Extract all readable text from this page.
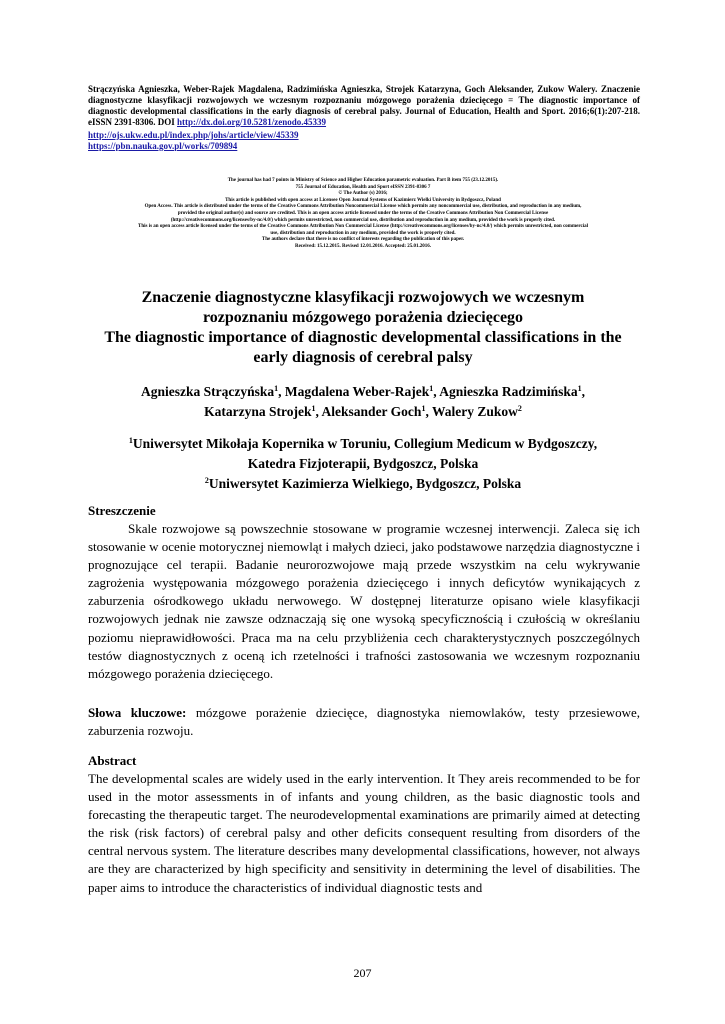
Strączyńska Agnieszka, Weber-Rajek Magdalena, Radzimińska Agnieszka, Strojek Katarzyna, Goch Aleksander, Zukow Walery. Znaczenie diagnostyczne klasyfikacji rozwojowych we wczesnym rozpoznaniu mózgowego porażenia dziecięcego = The diagnostic importance of diagnostic developmental classifications in the early diagnosis of cerebral palsy. Journal of Education, Health and Sport. 2016;6(1):207-218. eISSN 2391-8306. DOI http://dx.doi.org/10.5281/zenodo.45339
http://ojs.ukw.edu.pl/index.php/johs/article/view/45339
https://pbn.nauka.gov.pl/works/709894
The journal has had 7 points in Ministry of Science and Higher Education parametric evaluation. Part B item 755 (23.12.2015).
755 Journal of Education, Health and Sport eISSN 2391-8306 7
© The Author (s) 2016;
This article is published with open access at Licensee Open Journal Systems of Kazimierz Wielki University in Bydgoszcz, Poland
Open Access. This article is distributed under the terms of the Creative Commons Attribution Noncommercial License which permits any noncommercial use, distribution, and reproduction in any medium,
provided the original author(s) and source are credited. This is an open access article licensed under the terms of the Creative Commons Attribution Non Commercial License
(http://creativecommons.org/licenses/by-nc/4.0/) which permits unrestricted, non commercial use, distribution and reproduction in any medium, provided the work is properly cited.
This is an open access article licensed under the terms of the Creative Commons Attribution Non Commercial License (http://creativecommons.org/licenses/by-nc/4.0/) which permits unrestricted, non commercial
use, distribution and reproduction in any medium, provided the work is properly cited.
The authors declare that there is no conflict of interests regarding the publication of this paper.
Received: 15.12.2015. Revised 12.01.2016. Accepted: 25.01.2016.
Znaczenie diagnostyczne klasyfikacji rozwojowych we wczesnym
rozpoznaniu mózgowego porażenia dziecięcego
The diagnostic importance of diagnostic developmental classifications in the
early diagnosis of cerebral palsy
Agnieszka Strączyńska$^1$, Magdalena Weber-Rajek$^1$, Agnieszka Radzimińska$^1$,
Katarzyna Strojek$^1$, Aleksander Goch$^1$, Walery Zukow$^2$
$^1$Uniwersytet Mikołaja Kopernika w Toruniu, Collegium Medicum w Bydgoszczy,
Katedra Fizjoterapii, Bydgoszcz, Polska
$^2$Uniwersytet Kazimierza Wielkiego, Bydgoszcz, Polska
Streszczenie
Skale rozwojowe są powszechnie stosowane w programie wczesnej interwencji. Zaleca się ich stosowanie w ocenie motorycznej niemowląt i małych dzieci, jako podstawowe narzędzia diagnostyczne i prognozujące cel terapii. Badanie neurorozwojowe mają przede wszystkim na celu wykrywanie zagrożenia występowania mózgowego porażenia dziecięcego i innych deficytów wynikających z zaburzenia ośrodkowego układu nerwowego. W dostępnej literaturze opisano wiele klasyfikacji rozwojowych jednak nie zawsze odznaczają się one wysoką specyficznością i czułością w określaniu poziomu nieprawidłowości. Praca ma na celu przybliżenia cech charakterystycznych poszczególnych testów diagnostycznych z oceną ich rzetelności i trafności zastosowania we wczesnym rozpoznaniu mózgowego porażenia dziecięcego.
Słowa kluczowe: mózgowe porażenie dziecięce, diagnostyka niemowlaków, testy przesiewowe, zaburzenia rozwoju.
Abstract
The developmental scales are widely used in the early intervention. It They areis recommended to be for used in the motor assessments in of infants and young children, as the basic diagnostic tools and forecasting the therapeutic target. The neurodevelopmental examinations are primarily aimed at detecting the risk (risk factors) of cerebral palsy and other deficits consequent resulting from disorders of the central nervous system. The literature describes many developmental classifications, however, not always are they are characterized by high specificity and sensitivity in determining the level of disabilities. The paper aims to introduce the characteristics of individual diagnostic tests and
207
